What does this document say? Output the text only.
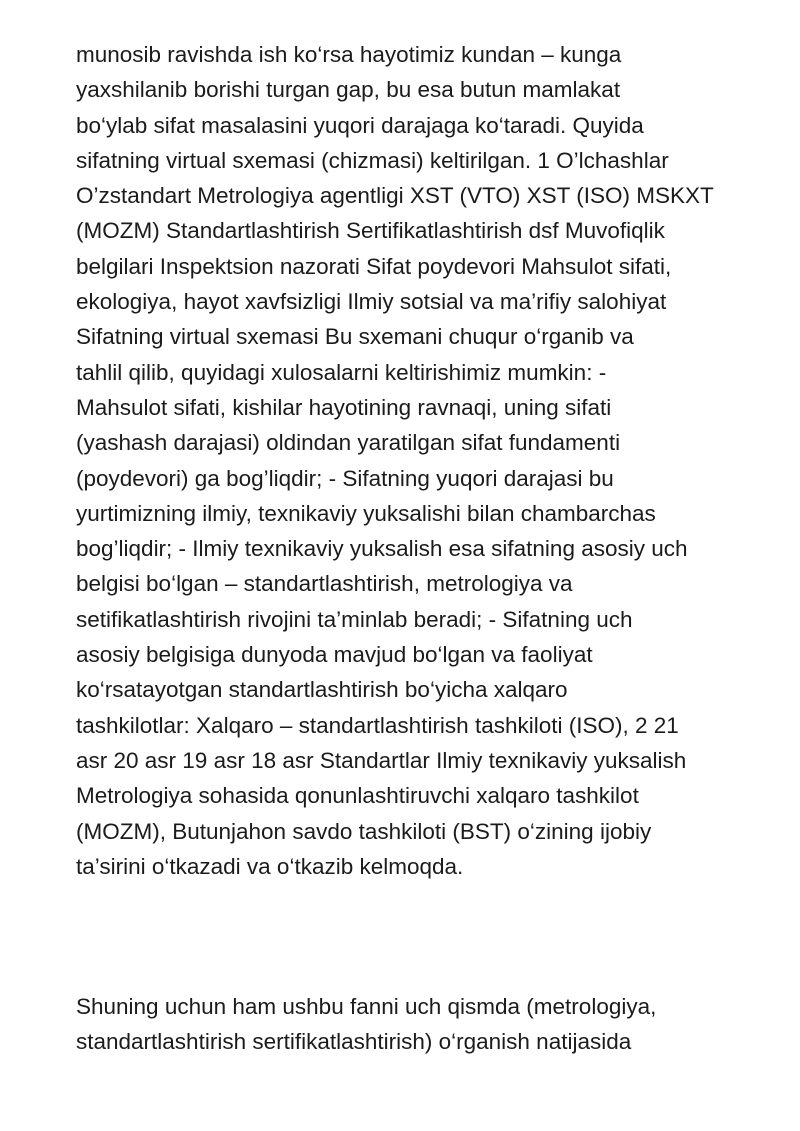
munosib ravishda ish ko‘rsa hayotimiz kundan – kunga
yaxshilanib borishi turgan gap, bu esa butun mamlakat
bo‘ylab sifat masalasini yuqori darajaga ko‘taradi. Quyida
sifatning virtual sxemasi (chizmasi) keltirilgan. 1 O’lchashlar
O’zstandart Metrologiya agentligi XST (VTO) XST (ISO) MSKXT
(MOZM) Standartlashtirish Sertifikatlashtirish dsf Muvofiqlik
belgilari Inspektsion nazorati Sifat poydevori Mahsulot sifati,
ekologiya, hayot xavfsizligi Ilmiy sotsial va ma’rifiy salohiyat
Sifatning virtual sxemasi Bu sxemani chuqur o‘rganib va
tahlil qilib, quyidagi xulosalarni keltirishimiz mumkin: -
Mahsulot sifati, kishilar hayotining ravnaqi, uning sifati
(yashash darajasi) oldindan yaratilgan sifat fundamenti
(poydevori) ga bog’liqdir; - Sifatning yuqori darajasi bu
yurtimizning ilmiy, texnikaviy yuksalishi bilan chambarchas
bog’liqdir; - Ilmiy texnikaviy yuksalish esa sifatning asosiy uch
belgisi bo‘lgan – standartlashtirish, metrologiya va
setifikatlashtirish rivojini ta’minlab beradi; - Sifatning uch
asosiy belgisiga dunyoda mavjud bo‘lgan va faoliyat
ko‘rsatayotgan standartlashtirish bo‘yicha xalqaro
tashkilotlar: Xalqaro – standartlashtirish tashkiloti (ISO), 2 21
asr 20 asr 19 asr 18 asr Standartlar Ilmiy texnikaviy yuksalish
Metrologiya sohasida qonunlashtiruvchi xalqaro tashkilot
(MOZM), Butunjahon savdo tashkiloti (BST) o‘zining ijobiy
ta’sirini o‘tkazadi va o‘tkazib kelmoqda.
Shuning uchun ham ushbu fanni uch qismda (metrologiya,
standartlashtirish sertifikatlashtirish) o‘rganish natijasida
